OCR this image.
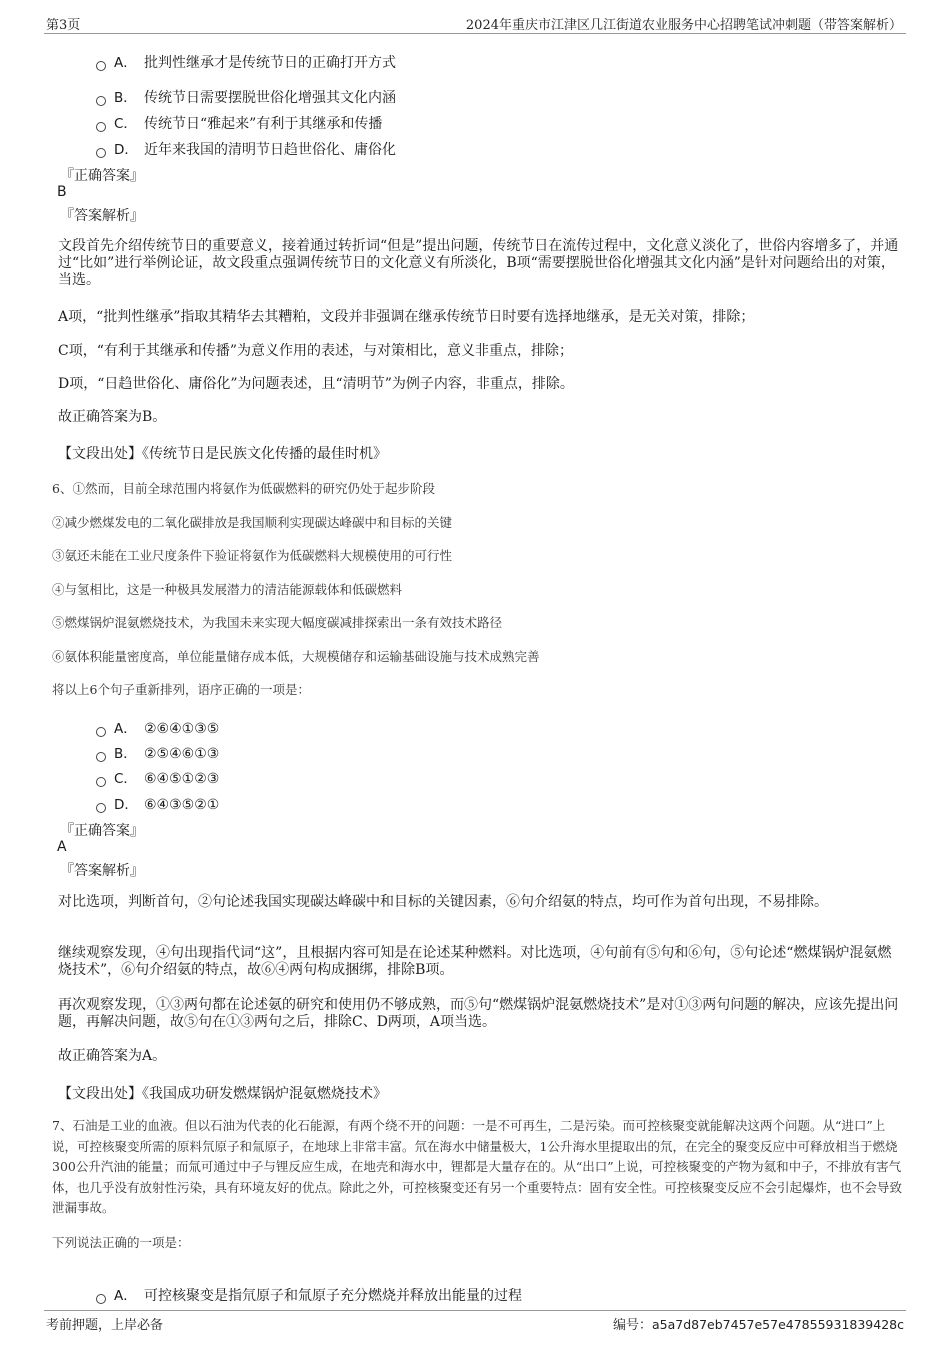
第3页	2024年重庆市江津区几江街道农业服务中心招聘笔试冲刺题（带答案解析）
A． 批判性继承才是传统节日的正确打开方式
B． 传统节日需要摆脱世俗化增强其文化内涵
C． 传统节日“雅起来”有利于其继承和传播
D． 近年来我国的清明节日趋世俗化、庸俗化
『正确答案』
B
『答案解析』
文段首先介绍传统节日的重要意义，接着通过转折词“但是”提出问题，传统节日在流传过程中，文化意义淡化了，世俗内容增多了，并通过“比如”进行举例论证，故文段重点强调传统节日的文化意义有所淡化，B项“需要摆脱世俗化增强其文化内涵”是针对问题给出的对策，当选。
A项，“批判性继承”指取其精华去其糟粕，文段并非强调在继承传统节日时要有选择地继承，是无关对策，排除；
C项，“有利于其继承和传播”为意义作用的表述，与对策相比，意义非重点，排除；
D项，“日趋世俗化、庸俗化”为问题表述，且“清明节”为例子内容，非重点，排除。
故正确答案为B。
【文段出处】《传统节日是民族文化传播的最佳时机》
6、①然而，目前全球范围内将氨作为低碳燃料的研究仍处于起步阶段
②减少燃煤发电的二氧化碳排放是我国顺利实现碳达峰碳中和目标的关键
③氨还未能在工业尺度条件下验证将氨作为低碳燃料大规模使用的可行性
④与氢相比，这是一种极具发展潜力的清洁能源载体和低碳燃料
⑤燃煤锅炉混氨燃烧技术，为我国未来实现大幅度碳减排探索出一条有效技术路径
⑥氨体积能量密度高，单位能量储存成本低，大规模储存和运输基础设施与技术成熟完善
将以上6个句子重新排列，语序正确的一项是：
A． ②⑥④①③⑤
B． ②⑤④⑥①③
C． ⑥④⑤①②③
D． ⑥④③⑤②①
『正确答案』
A
『答案解析』
对比选项，判断首句，②句论述我国实现碳达峰碳中和目标的关键因素，⑥句介绍氨的特点，均可作为首句出现，不易排除。
继续观察发现，④句出现指代词“这”，且根据内容可知是在论述某种燃料。对比选项，④句前有⑤句和⑥句，⑤句论述“燃煤锅炉混氨燃烧技术”，⑥句介绍氨的特点，故⑥④两句构成捆绑，排除B项。
再次观察发现，①③两句都在论述氨的研究和使用仍不够成熟，而⑤句“燃煤锅炉混氨燃烧技术”是对①③两句问题的解决，应该先提出问题，再解决问题，故⑤句在①③两句之后，排除C、D两项，A项当选。
故正确答案为A。
【文段出处】《我国成功研发燃煤锅炉混氨燃烧技术》
7、石油是工业的血液。但以石油为代表的化石能源，有两个绕不开的问题：一是不可再生，二是污染。而可控核聚变就能解决这两个问题。从“进口”上说，可控核聚变所需的原料氘原子和氚原子，在地球上非常丰富。氘在海水中储量极大，1公升海水里提取出的氘，在完全的聚变反应中可释放相当于燃烧300公升汽油的能量；而氚可通过中子与锂反应生成，在地壳和海水中，锂都是大量存在的。从“出口”上说，可控核聚变的产物为氦和中子，不排放有害气体，也几乎没有放射性污染，具有环境友好的优点。除此之外，可控核聚变还有另一个重要特点：固有安全性。可控核聚变反应不会引起爆炸，也不会导致泄漏事故。
下列说法正确的一项是：
A． 可控核聚变是指氘原子和氚原子充分燃烧并释放出能量的过程
考前押题，上岸必备	编号：a5a7d87eb7457e57e47855931839428c
